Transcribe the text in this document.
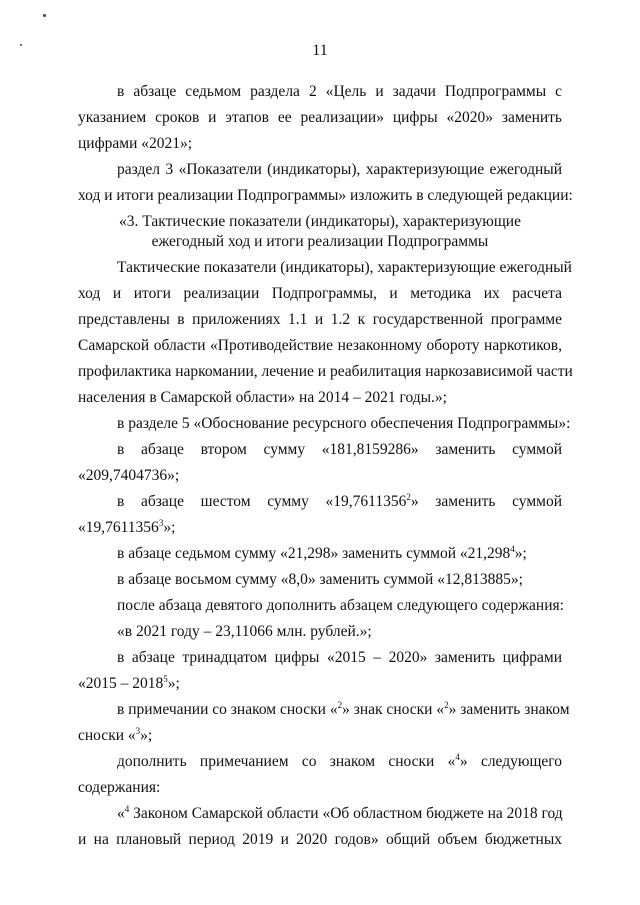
11
в абзаце седьмом раздела 2 «Цель и задачи Подпрограммы с
указанием сроков и этапов ее реализации» цифры «2020» заменить
цифрами «2021»;
раздел 3 «Показатели (индикаторы), характеризующие ежегодный
ход и итоги реализации Подпрограммы» изложить в следующей редакции:
«3. Тактические показатели (индикаторы), характеризующие
ежегодный ход и итоги реализации Подпрограммы
Тактические показатели (индикаторы), характеризующие ежегодный
ход и итоги реализации Подпрограммы, и методика их расчета
представлены в приложениях 1.1 и 1.2 к государственной программе
Самарской области «Противодействие незаконному обороту наркотиков,
профилактика наркомании, лечение и реабилитация наркозависимой части
населения в Самарской области» на 2014 – 2021 годы.»;
в разделе 5 «Обоснование ресурсного обеспечения Подпрограммы»:
в абзаце втором сумму «181,8159286» заменить суммой
«209,7404736»;
в абзаце шестом сумму «19,7611356$^2$» заменить суммой
«19,7611356$^3$»;
в абзаце седьмом сумму «21,298» заменить суммой «21,298$^4$»;
в абзаце восьмом сумму «8,0» заменить суммой «12,813885»;
после абзаца девятого дополнить абзацем следующего содержания:
«в 2021 году – 23,11066 млн. рублей.»;
в абзаце тринадцатом цифры «2015 – 2020» заменить цифрами
«2015 – 2018$^5$»;
в примечании со знаком сноски «$^2$» знак сноски «$^2$» заменить знаком
сноски «$^3$»;
дополнить примечанием со знаком сноски «$^4$» следующего
содержания:
«$^4$ Законом Самарской области «Об областном бюджете на 2018 год
и на плановый период 2019 и 2020 годов» общий объем бюджетных
